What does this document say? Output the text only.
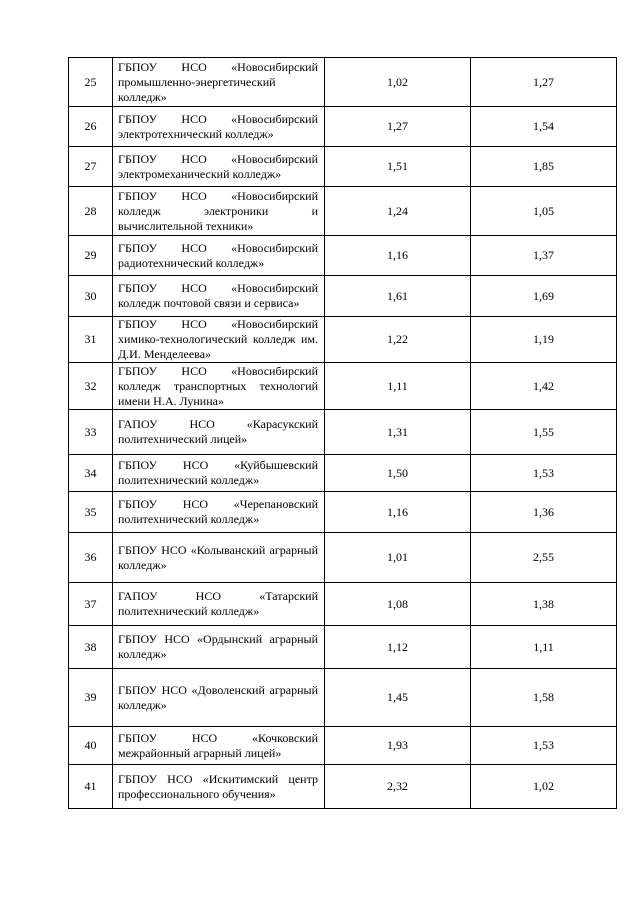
25	ГБПОУ НСО «Новосибирский промышленно-энергетический колледж»	1,02	1,27
26	ГБПОУ НСО «Новосибирский электротехнический колледж»	1,27	1,54
27	ГБПОУ НСО «Новосибирский электромеханический колледж»	1,51	1,85
28	ГБПОУ НСО «Новосибирский колледж электроники и вычислительной техники»	1,24	1,05
29	ГБПОУ НСО «Новосибирский радиотехнический колледж»	1,16	1,37
30	ГБПОУ НСО «Новосибирский колледж почтовой связи и сервиса»	1,61	1,69
31	ГБПОУ НСО «Новосибирский химико-технологический колледж им. Д.И. Менделеева»	1,22	1,19
32	ГБПОУ НСО «Новосибирский колледж транспортных технологий имени Н.А. Лунина»	1,11	1,42
33	ГАПОУ НСО «Карасукский политехнический лицей»	1,31	1,55
34	ГБПОУ НСО «Куйбышевский политехнический колледж»	1,50	1,53
35	ГБПОУ НСО «Черепановский политехнический колледж»	1,16	1,36
36	ГБПОУ НСО «Колыванский аграрный колледж»	1,01	2,55
37	ГАПОУ НСО «Татарский политехнический колледж»	1,08	1,38
38	ГБПОУ НСО «Ордынский аграрный колледж»	1,12	1,11
39	ГБПОУ НСО «Доволенский аграрный колледж»	1,45	1,58
40	ГБПОУ НСО «Кочковский межрайонный аграрный лицей»	1,93	1,53
41	ГБПОУ НСО «Искитимский центр профессионального обучения»	2,32	1,02
